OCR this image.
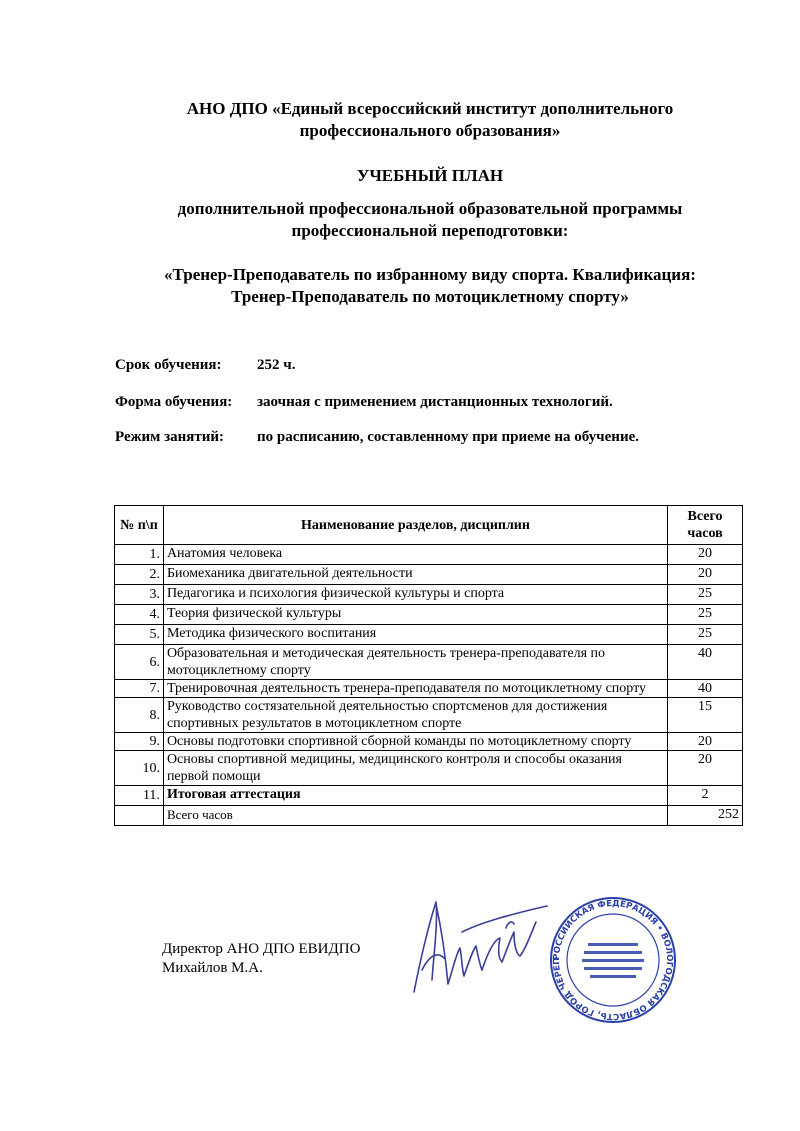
АНО ДПО «Единый всероссийский институт дополнительного
профессионального образования»
УЧЕБНЫЙ ПЛАН
дополнительной профессиональной образовательной программы
профессиональной переподготовки:
«Тренер-Преподаватель по избранному виду спорта. Квалификация:
Тренер-Преподаватель по мотоциклетному спорту»
Срок обучения: 252 ч.
Форма обучения: заочная с применением дистанционных технологий.
Режим занятий: по расписанию, составленному при приеме на обучение.
№ п\п	Наименование разделов, дисциплин	Всего
часов

1.	Анатомия человека	20
2.	Биомеханика двигательной деятельности	20
3.	Педагогика и психология физической культуры и спорта	25
4.	Теория физической культуры	25
5.	Методика физического воспитания	25
6.	Образовательная и методическая деятельность тренера-преподавателя по мотоциклетному спорту	40
7.	Тренировочная деятельность тренера-преподавателя по мотоциклетному спорту	40
8.	Руководство состязательной деятельностью спортсменов для достижения спортивных результатов в мотоциклетном спорте	15
9.	Основы подготовки спортивной сборной команды по мотоциклетному спорту	20
10.	Основы спортивной медицины, медицинского контроля и способы оказания первой помощи	20
11.	Итоговая аттестация	2
	Всего часов	252
Директор АНО ДПО ЕВИДПО
Михайлов М.А.
РОССИЙСКАЯ ФЕДЕРАЦИЯ • ВОЛОГОДСКАЯ ОБЛАСТЬ, ГОРОД ЧЕРЕП
